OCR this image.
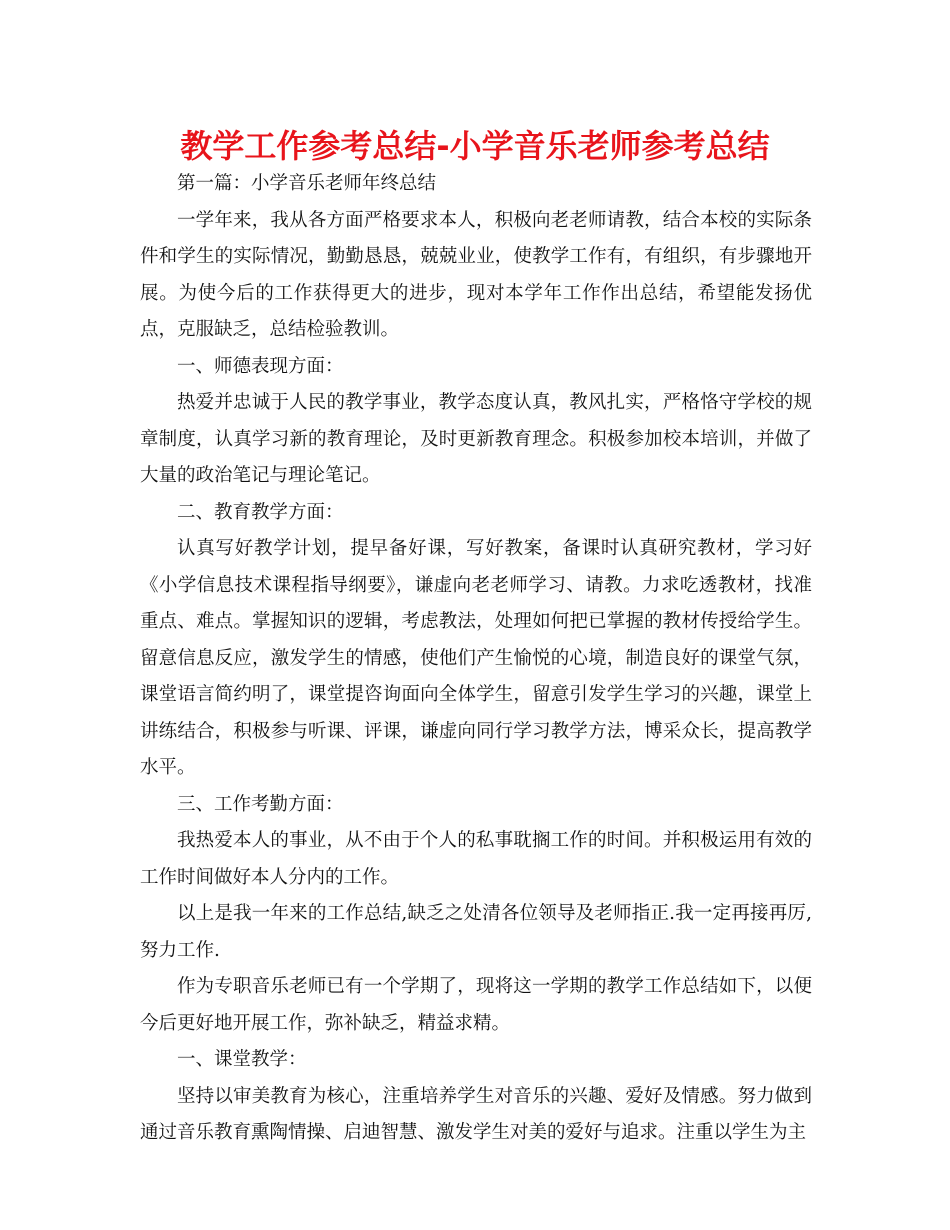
教学工作参考总结-小学音乐老师参考总结

第一篇：小学音乐老师年终总结

一学年来，我从各方面严格要求本人，积极向老老师请教，结合本校的实际条件和学生的实际情况，勤勤恳恳，兢兢业业，使教学工作有，有组织，有步骤地开展。为使今后的工作获得更大的进步，现对本学年工作作出总结，希望能发扬优点，克服缺乏，总结检验教训。

一、师德表现方面：

热爱并忠诚于人民的教学事业，教学态度认真，教风扎实，严格恪守学校的规章制度，认真学习新的教育理论，及时更新教育理念。积极参加校本培训，并做了大量的政治笔记与理论笔记。

二、教育教学方面：

认真写好教学计划，提早备好课，写好教案，备课时认真研究教材，学习好《小学信息技术课程指导纲要》，谦虚向老老师学习、请教。力求吃透教材，找准重点、难点。掌握知识的逻辑，考虑教法，处理如何把已掌握的教材传授给学生。留意信息反应，激发学生的情感，使他们产生愉悦的心境，制造良好的课堂气氛，课堂语言简约明了，课堂提咨询面向全体学生，留意引发学生学习的兴趣，课堂上讲练结合，积极参与听课、评课，谦虚向同行学习教学方法，博采众长，提高教学水平。

三、工作考勤方面：

我热爱本人的事业，从不由于个人的私事耽搁工作的时间。并积极运用有效的工作时间做好本人分内的工作。

以上是我一年来的工作总结,缺乏之处清各位领导及老师指正.我一定再接再厉,努力工作.

作为专职音乐老师已有一个学期了，现将这一学期的教学工作总结如下，以便今后更好地开展工作，弥补缺乏，精益求精。

一、课堂教学：

坚持以审美教育为核心，注重培养学生对音乐的兴趣、爱好及情感。努力做到通过音乐教育熏陶情操、启迪智慧、激发学生对美的爱好与追求。注重以学生为主
